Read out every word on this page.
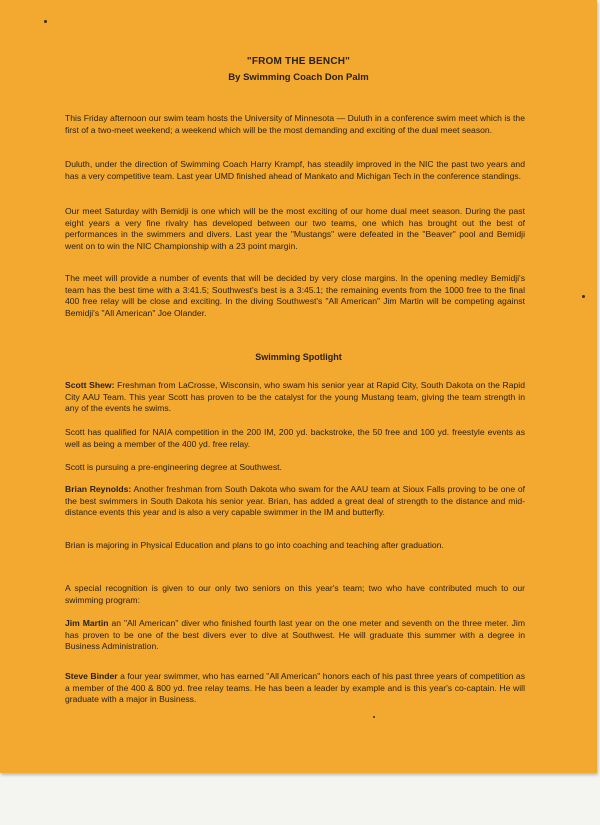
"FROM THE BENCH"
By Swimming Coach Don Palm

This Friday afternoon our swim team hosts the University of Minnesota — Duluth in a conference swim meet which is the first of a two-meet weekend; a weekend which will be the most demanding and exciting of the dual meet season.

Duluth, under the direction of Swimming Coach Harry Krampf, has steadily improved in the NIC the past two years and has a very competitive team. Last year UMD finished ahead of Mankato and Michigan Tech in the conference standings.

Our meet Saturday with Bemidji is one which will be the most exciting of our home dual meet season. During the past eight years a very fine rivalry has developed between our two teams, one which has brought out the best of performances in the swimmers and divers. Last year the "Mustangs" were defeated in the "Beaver" pool and Bemidji went on to win the NIC Championship with a 23 point margin.

The meet will provide a number of events that will be decided by very close margins. In the opening medley Bemidji's team has the best time with a 3:41.5; Southwest's best is a 3:45.1; the remaining events from the 1000 free to the final 400 free relay will be close and exciting. In the diving Southwest's "All American" Jim Martin will be competing against Bemidji's "All American" Joe Olander.

Swimming Spotlight

Scott Shew: Freshman from LaCrosse, Wisconsin, who swam his senior year at Rapid City, South Dakota on the Rapid City AAU Team. This year Scott has proven to be the catalyst for the young Mustang team, giving the team strength in any of the events he swims.

Scott has qualified for NAIA competition in the 200 IM, 200 yd. backstroke, the 50 free and 100 yd. freestyle events as well as being a member of the 400 yd. free relay.

Scott is pursuing a pre-engineering degree at Southwest.

Brian Reynolds: Another freshman from South Dakota who swam for the AAU team at Sioux Falls proving to be one of the best swimmers in South Dakota his senior year. Brian, has added a great deal of strength to the distance and mid-distance events this year and is also a very capable swimmer in the IM and butterfly.

Brian is majoring in Physical Education and plans to go into coaching and teaching after graduation.

A special recognition is given to our only two seniors on this year's team; two who have contributed much to our swimming program:

Jim Martin an "All American" diver who finished fourth last year on the one meter and seventh on the three meter. Jim has proven to be one of the best divers ever to dive at Southwest. He will graduate this summer with a degree in Business Administration.

Steve Binder a four year swimmer, who has earned "All American" honors each of his past three years of competition as a member of the 400 & 800 yd. free relay teams. He has been a leader by example and is this year's co-captain. He will graduate with a major in Business.
